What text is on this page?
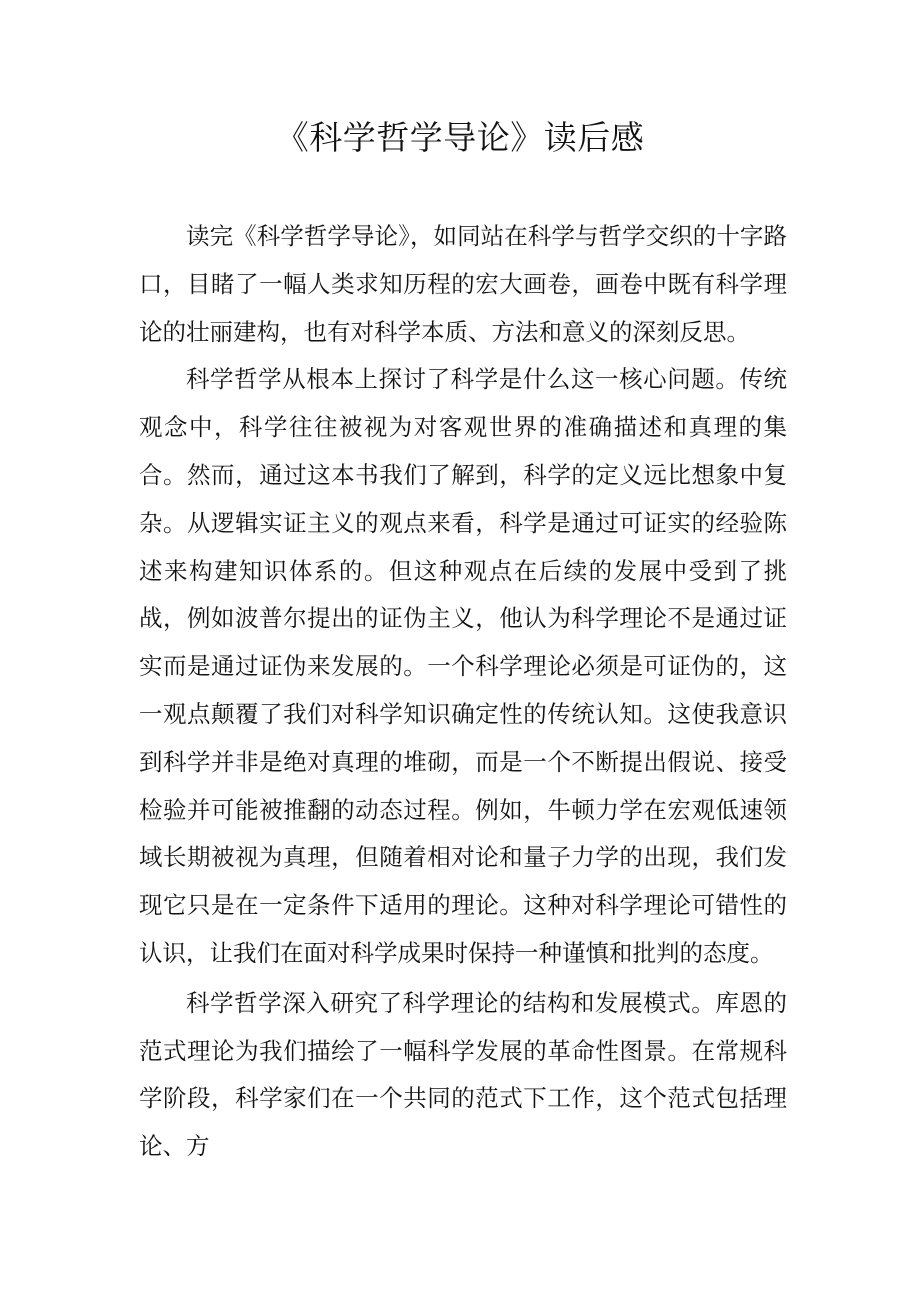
《科学哲学导论》读后感

读完《科学哲学导论》，如同站在科学与哲学交织的十字路口，目睹了一幅人类求知历程的宏大画卷，画卷中既有科学理论的壮丽建构，也有对科学本质、方法和意义的深刻反思。

科学哲学从根本上探讨了科学是什么这一核心问题。传统观念中，科学往往被视为对客观世界的准确描述和真理的集合。然而，通过这本书我们了解到，科学的定义远比想象中复杂。从逻辑实证主义的观点来看，科学是通过可证实的经验陈述来构建知识体系的。但这种观点在后续的发展中受到了挑战，例如波普尔提出的证伪主义，他认为科学理论不是通过证实而是通过证伪来发展的。一个科学理论必须是可证伪的，这一观点颠覆了我们对科学知识确定性的传统认知。这使我意识到科学并非是绝对真理的堆砌，而是一个不断提出假说、接受检验并可能被推翻的动态过程。例如，牛顿力学在宏观低速领域长期被视为真理，但随着相对论和量子力学的出现，我们发现它只是在一定条件下适用的理论。这种对科学理论可错性的认识，让我们在面对科学成果时保持一种谨慎和批判的态度。

科学哲学深入研究了科学理论的结构和发展模式。库恩的范式理论为我们描绘了一幅科学发展的革命性图景。在常规科学阶段，科学家们在一个共同的范式下工作，这个范式包括理论、方
